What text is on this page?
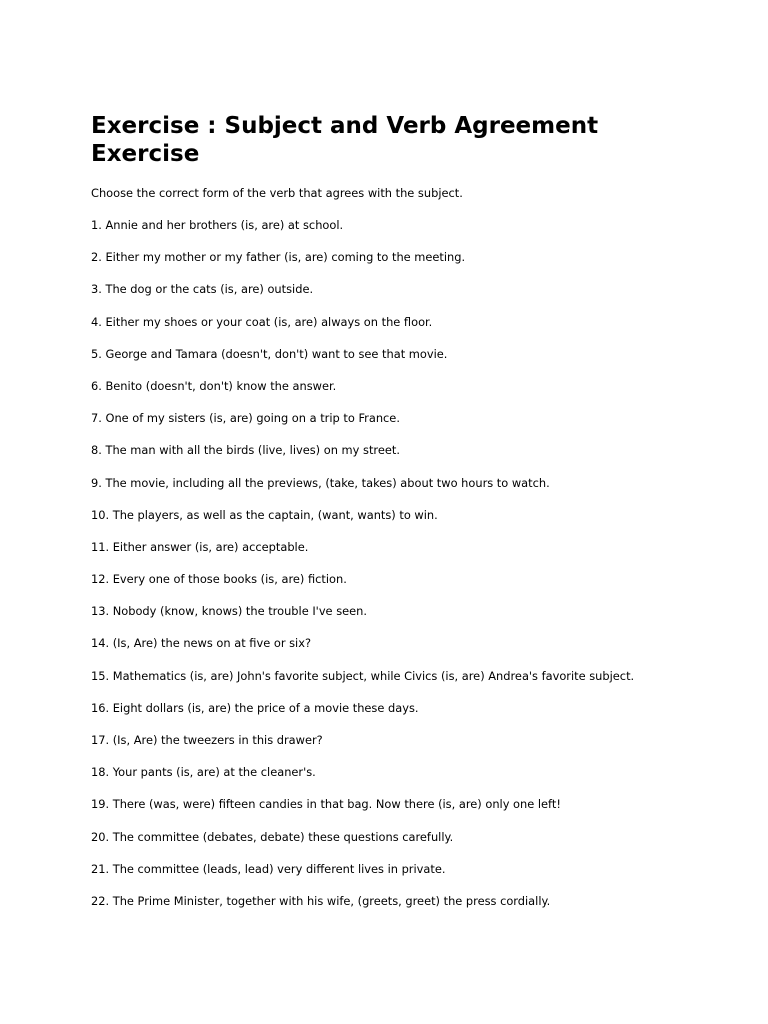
Exercise : Subject and Verb Agreement Exercise

Choose the correct form of the verb that agrees with the subject.

1. Annie and her brothers (is, are) at school.
2. Either my mother or my father (is, are) coming to the meeting.
3. The dog or the cats (is, are) outside.
4. Either my shoes or your coat (is, are) always on the floor.
5. George and Tamara (doesn't, don't) want to see that movie.
6. Benito (doesn't, don't) know the answer.
7. One of my sisters (is, are) going on a trip to France.
8. The man with all the birds (live, lives) on my street.
9. The movie, including all the previews, (take, takes) about two hours to watch.
10. The players, as well as the captain, (want, wants) to win.
11. Either answer (is, are) acceptable.
12. Every one of those books (is, are) fiction.
13. Nobody (know, knows) the trouble I've seen.
14. (Is, Are) the news on at five or six?
15. Mathematics (is, are) John's favorite subject, while Civics (is, are) Andrea's favorite subject.
16. Eight dollars (is, are) the price of a movie these days.
17. (Is, Are) the tweezers in this drawer?
18. Your pants (is, are) at the cleaner's.
19. There (was, were) fifteen candies in that bag. Now there (is, are) only one left!
20. The committee (debates, debate) these questions carefully.
21. The committee (leads, lead) very different lives in private.
22. The Prime Minister, together with his wife, (greets, greet) the press cordially.
